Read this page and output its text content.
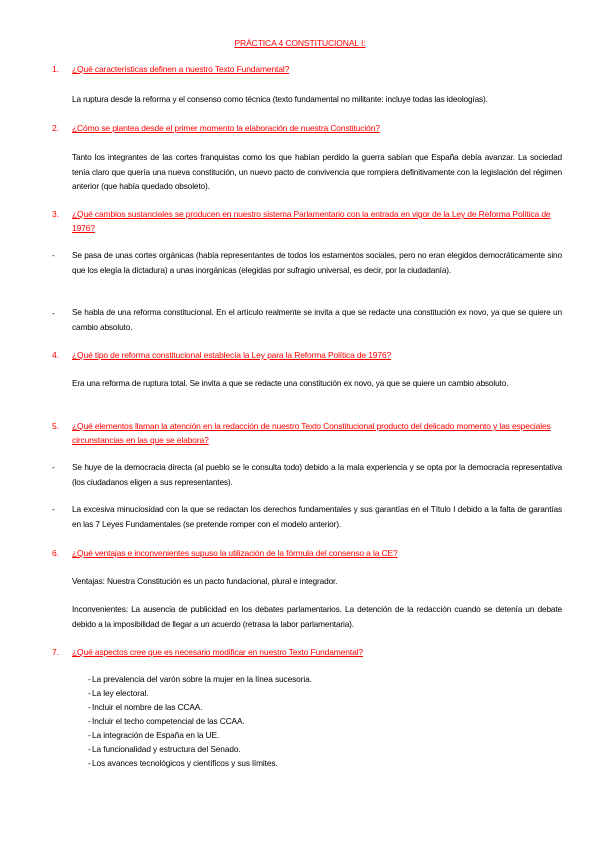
PRÁCTICA 4 CONSTITUCIONAL I:
1. ¿Qué características definen a nuestro Texto Fundamental?
La ruptura desde la reforma y el consenso como técnica (texto fundamental no militante: incluye todas las ideologías).
2. ¿Cómo se plantea desde el primer momento la elaboración de nuestra Constitución?
Tanto los integrantes de las cortes franquistas como los que habían perdido la guerra sabían que España debía avanzar. La sociedad tenía claro que quería una nueva constitución, un nuevo pacto de convivencia que rompiera definitivamente con la legislación del régimen anterior (que había quedado obsoleto).
3. ¿Qué cambios sustanciales se producen en nuestro sistema Parlamentario con la entrada en vigor de la Ley de Reforma Política de 1976?
- Se pasa de unas cortes orgánicas (había representantes de todos los estamentos sociales, pero no eran elegidos democráticamente sino que los elegía la dictadura) a unas inorgánicas (elegidas por sufragio universal, es decir, por la ciudadanía).
- Se habla de una reforma constitucional. En el artículo realmente se invita a que se redacte una constitución ex novo, ya que se quiere un cambio absoluto.
4. ¿Qué tipo de reforma constitucional establecía la Ley para la Reforma Política de 1976?
Era una reforma de ruptura total. Se invita a que se redacte una constitución ex novo, ya que se quiere un cambio absoluto.
5. ¿Qué elementos llaman la atención en la redacción de nuestro Texto Constitucional producto del delicado momento y las especiales circunstancias en las que se elabora?
- Se huye de la democracia directa (al pueblo se le consulta todo) debido a la mala experiencia y se opta por la democracia representativa (los ciudadanos eligen a sus representantes).
- La excesiva minuciosidad con la que se redactan los derechos fundamentales y sus garantías en el Título I debido a la falta de garantías en las 7 Leyes Fundamentales (se pretende romper con el modelo anterior).
6. ¿Qué ventajas e inconvenientes supuso la utilización de la fórmula del consenso a la CE?
Ventajas: Nuestra Constitución es un pacto fundacional, plural e integrador.
Inconvenientes: La ausencia de publicidad en los debates parlamentarios. La detención de la redacción cuando se detenía un debate debido a la imposibilidad de llegar a un acuerdo (retrasa la labor parlamentaria).
7. ¿Qué aspectos cree que es necesario modificar en nuestro Texto Fundamental?
- La prevalencia del varón sobre la mujer en la línea sucesoria.
- La ley electoral.
- Incluir el nombre de las CCAA.
- Incluir el techo competencial de las CCAA.
- La integración de España en la UE.
- La funcionalidad y estructura del Senado.
- Los avances tecnológicos y científicos y sus límites.
